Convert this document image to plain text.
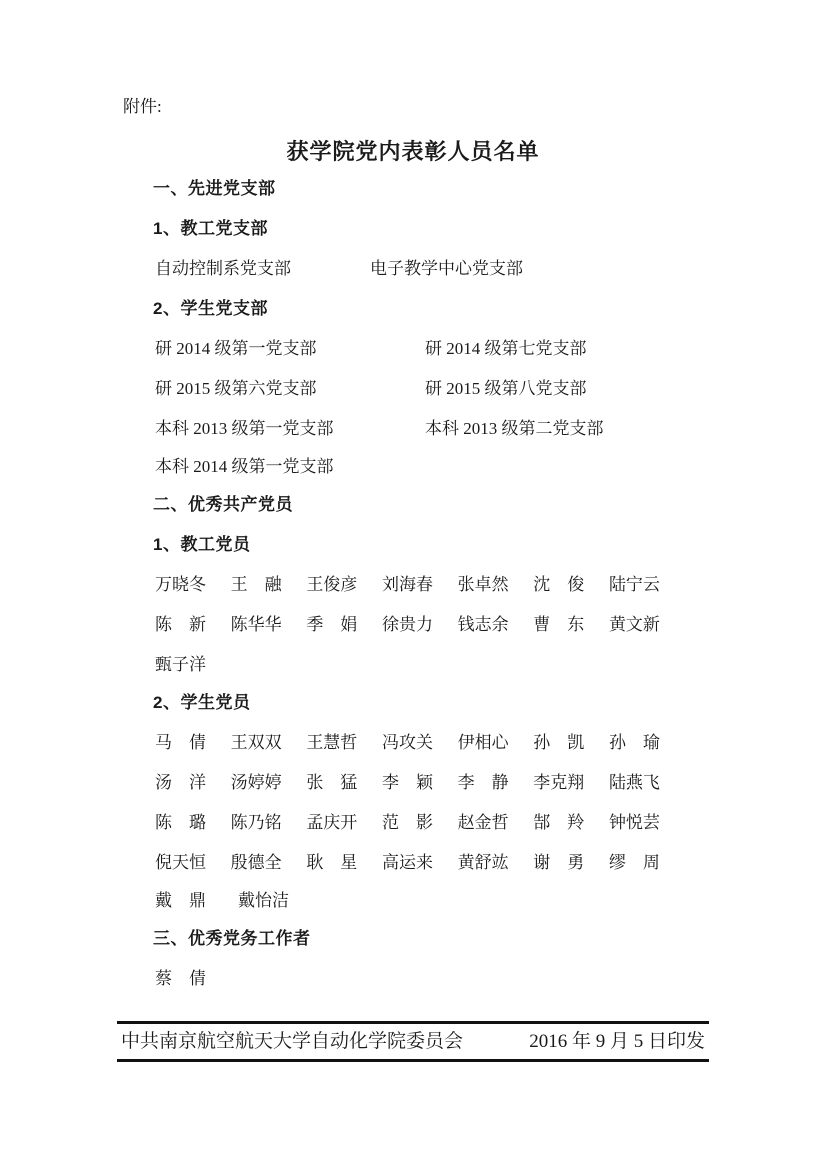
附件:
获学院党内表彰人员名单
一、先进党支部
1、教工党支部
自动控制系党支部	电子教学中心党支部
2、学生党支部
研 2014 级第一党支部	研 2014 级第七党支部
研 2015 级第六党支部	研 2015 级第八党支部
本科 2013 级第一党支部	本科 2013 级第二党支部
本科 2014 级第一党支部
二、优秀共产党员
1、教工党员
万晓冬 王　融 王俊彦 刘海春 张卓然 沈　俊 陆宁云
陈　新 陈华华 季　娟 徐贵力 钱志余 曹　东 黄文新
甄子洋
2、学生党员
马　倩 王双双 王慧哲 冯攻关 伊相心 孙　凯 孙　瑜
汤　洋 汤婷婷 张　猛 李　颖 李　静 李克翔 陆燕飞
陈　璐 陈乃铭 孟庆开 范　影 赵金哲 郜　羚 钟悦芸
倪天恒 殷德全 耿　星 高运来 黄舒竑 谢　勇 缪　周
戴　鼎 戴怡洁
三、优秀党务工作者
蔡　倩
中共南京航空航天大学自动化学院委员会	2016 年 9 月 5 日印发
